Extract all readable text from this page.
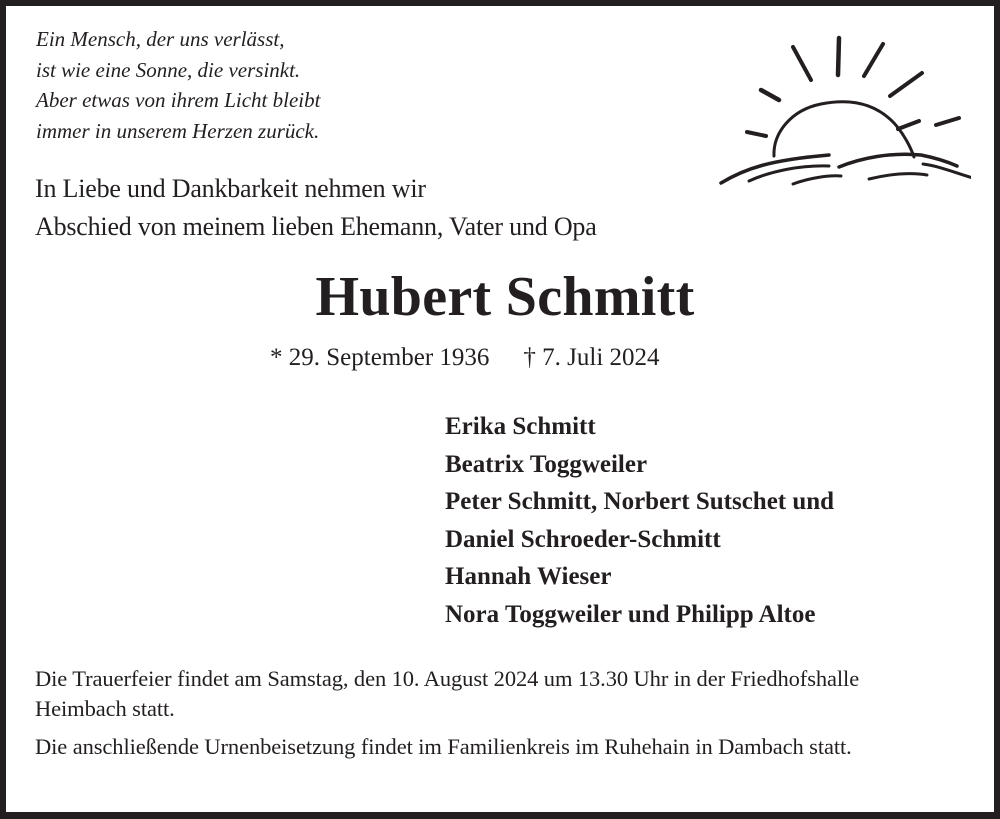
Ein Mensch, der uns verlässt,
ist wie eine Sonne, die versinkt.
Aber etwas von ihrem Licht bleibt
immer in unserem Herzen zurück.
In Liebe und Dankbarkeit nehmen wir
Abschied von meinem lieben Ehemann, Vater und Opa
Hubert Schmitt
* 29. September 1936 † 7. Juli 2024
Erika Schmitt
Beatrix Toggweiler
Peter Schmitt, Norbert Sutschet und
Daniel Schroeder-Schmitt
Hannah Wieser
Nora Toggweiler und Philipp Altoe

Die Trauerfeier findet am Samstag, den 10. August 2024 um 13.30 Uhr in der Friedhofshalle Heimbach statt.

Die anschließende Urnenbeisetzung findet im Familienkreis im Ruhehain in Dambach statt.
